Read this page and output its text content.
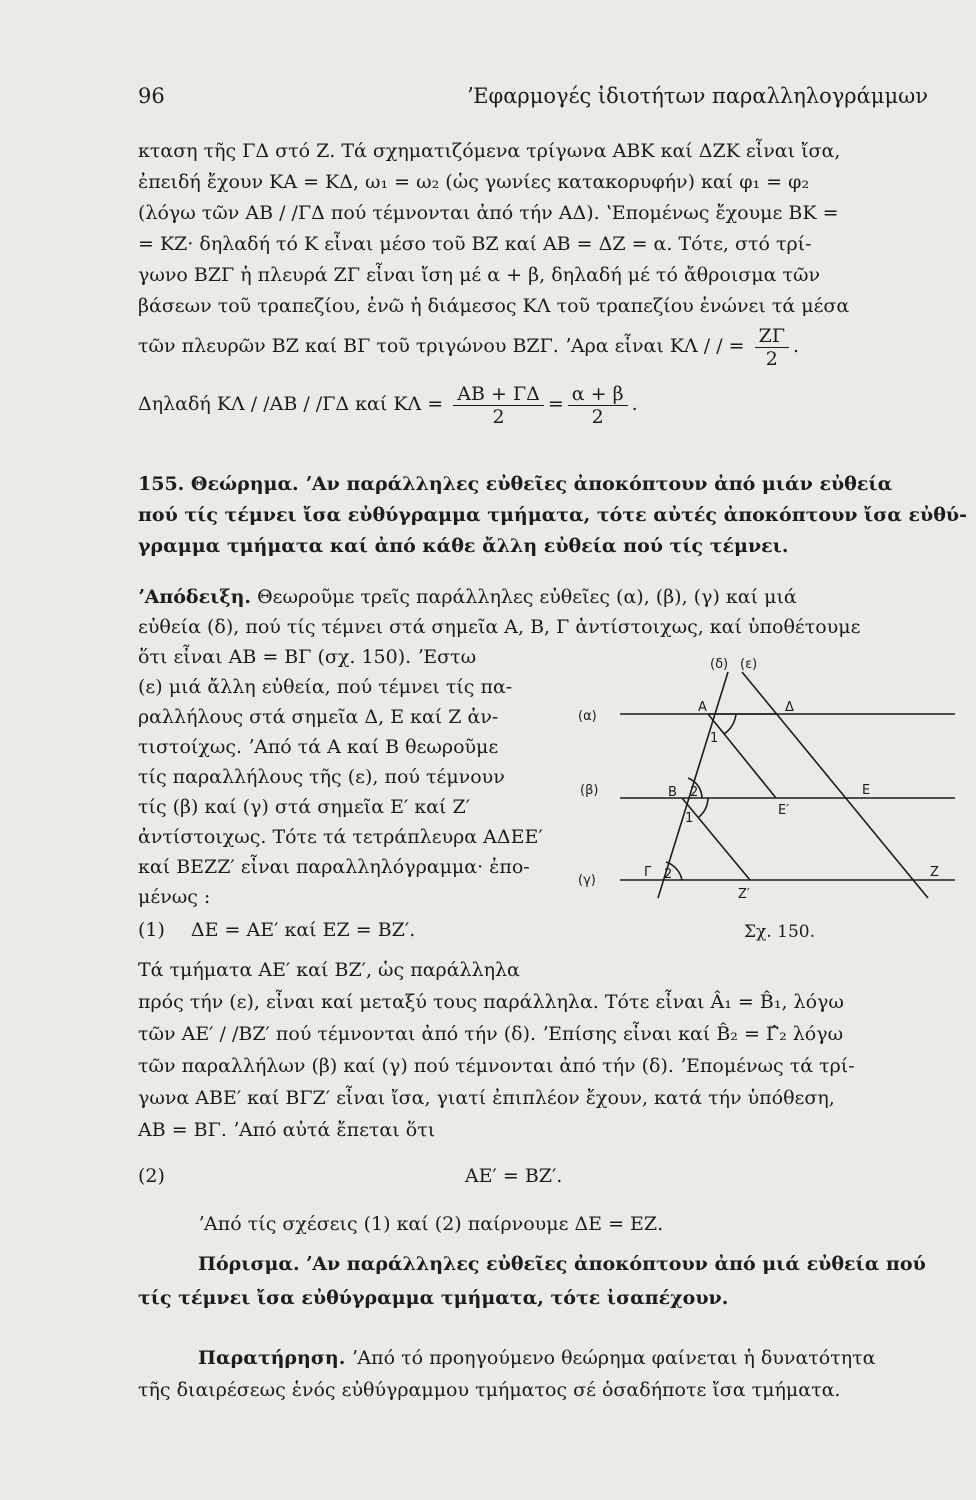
96	ʼΕφαρμογές ἰδιοτήτων παραλληλογράμμων
κταση τῆς ΓΔ στό Ζ. Τά σχηματιζόμενα τρίγωνα ΑΒΚ καί ΔΖΚ εἶναι ἴσα,
ἐπειδή ἔχουν ΚΑ = ΚΔ, ω₁ = ω₂ (ὡς γωνίες κατακορυφήν) καί φ₁ = φ₂
(λόγω τῶν ΑΒ / /ΓΔ πού τέμνονται ἀπό τήν ΑΔ). ʽΕπομένως ἔχουμε ΒΚ =
= ΚΖ· δηλαδή τό Κ εἶναι μέσο τοῦ ΒΖ καί ΑΒ = ΔΖ = α. Τότε, στό τρί-
γωνο ΒΖΓ ἡ πλευρά ΖΓ εἶναι ἴση μέ α + β, δηλαδή μέ τό ἄθροισμα τῶν
βάσεων τοῦ τραπεζίου, ἐνῶ ἡ διάμεσος ΚΛ τοῦ τραπεζίου ἑνώνει τά μέσα
τῶν πλευρῶν ΒΖ καί ΒΓ τοῦ τριγώνου ΒΖΓ. ʼΑρα εἶναι ΚΛ / / = $\frac{Z\Gamma}{2}$ .
Δηλαδή ΚΛ / /ΑΒ / /ΓΔ καί $K\Lambda = \frac{AB + \Gamma\Delta}{2} = \frac{\alpha + \beta}{2}$ .
155. Θεώρημα. ʼΑν παράλληλες εὐθεῖες ἀποκόπτουν ἀπό μιάν εὐθεία
πού τίς τέμνει ἴσα εὐθύγραμμα τμήματα, τότε αὐτές ἀποκόπτουν ἴσα εὐθύ-
γραμμα τμήματα καί ἀπό κάθε ἄλλη εὐθεία πού τίς τέμνει.
ʼΑπόδειξη. Θεωροῦμε τρεῖς παράλληλες εὐθεῖες (α), (β), (γ) καί μιά
εὐθεία (δ), πού τίς τέμνει στά σημεῖα Α, Β, Γ ἀντίστοιχως, καί ὑποθέτουμε
ὅτι εἶναι ΑΒ = ΒΓ (σχ. 150). ʼΕστω
(ε) μιά ἄλλη εὐθεία, πού τέμνει τίς πα-
ραλλήλους στά σημεῖα Δ, Ε καί Ζ ἀν-
τιστοίχως. ʼΑπό τά Α καί Β θεωροῦμε
τίς παραλλήλους τῆς (ε), πού τέμνουν
τίς (β) καί (γ) στά σημεῖα Ε′ καί Ζ′
ἀντίστοιχως. Τότε τά τετράπλευρα ΑΔΕΕ′
καί ΒΕΖΖ′ εἶναι παραλληλόγραμμα· ἐπο-
μένως :
(1) ΔΕ = ΑΕ′ καί ΕΖ = ΒΖ′.
Τά τμήματα ΑΕ′ καί ΒΖ′, ὡς παράλληλα
πρός τήν (ε), εἶναι καί μεταξύ τους παράλληλα. Τότε εἶναι Â₁ = B̂₁, λόγω
τῶν ΑΕ′ / /ΒΖ′ πού τέμνονται ἀπό τήν (δ). ʼΕπίσης εἶναι καί B̂₂ = Γ̂₂ λόγω
τῶν παραλλήλων (β) καί (γ) πού τέμνονται ἀπό τήν (δ). ʼΕπομένως τά τρί-
γωνα ΑΒΕ′ καί ΒΓΖ′ εἶναι ἴσα, γιατί ἐπιπλέον ἔχουν, κατά τήν ὑπόθεση,
ΑΒ = ΒΓ. ʼΑπό αὐτά ἔπεται ὅτι
(2)	ΑΕ′ = ΒΖ′.
ʼΑπό τίς σχέσεις (1) καί (2) παίρνουμε ΔΕ = ΕΖ.
Πόρισμα. ʼΑν παράλληλες εὐθεῖες ἀποκόπτουν ἀπό μιά εὐθεία πού
τίς τέμνει ἴσα εὐθύγραμμα τμήματα, τότε ἰσαπέχουν.
Παρατήρηση. ʼΑπό τό προηγούμενο θεώρημα φαίνεται ἡ δυνατότητα
τῆς διαιρέσεως ἑνός εὐθύγραμμου τμήματος σέ ὁσαδήποτε ἴσα τμήματα.
(δ) (ε)
(α)
(β)
(γ)
Α	Δ
Β	Ε
Ε′
Γ	Ζ
Ζ′
1
1
2
2
Σχ. 150.
